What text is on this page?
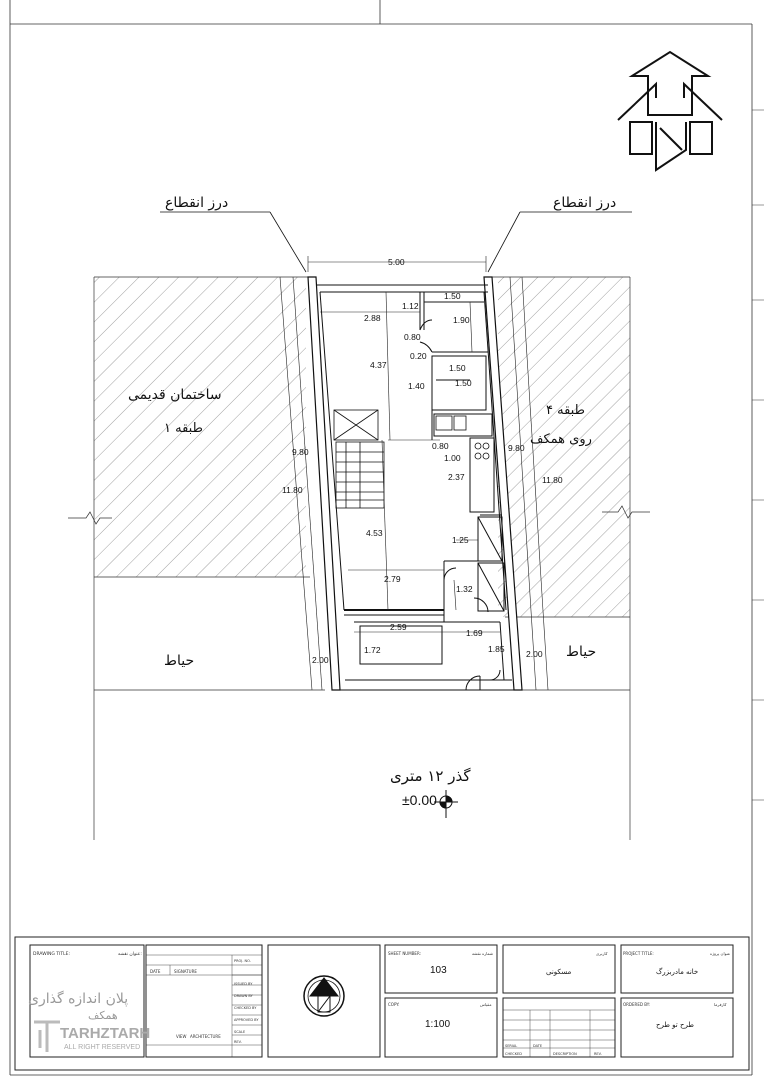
5.00
9.80
11.80
9.80
11.80
2.00
2.00
1.12
1.50
1.90
2.88
0.80
0.20
4.37	1.50
1.50
1.40
0.80
1.00
2.37
4.53
1.25
2.79
1.32
2.59
1.69
1.72	1.85
درز انقطاع	درز انقطاع
ساختمان قدیمی
۱ طبقه
۴ طبقه
روی همکف
حیاط
حیاط
گذر ۱۲ متری
±0.00
DRAWING TITLE:	عنوان نقشه:
پلان اندازه گذاری
همکف
TARHZTARH
ALL RIGHT RESERVED
DATE	SIGNATURE
PROJ. NO.
ISSUED BY
DRAWN BY
CHECKED BY
APPROVED BY
SCALE
REV.
ARCHITECTURE
VIEW
SHEET NUMBER:	شماره نقشه
103
کاربری
مسکونی
PROJECT TITLE:	عنوان پروژه
خانه مادربزرگ
COPY:	مقیاس
1:100
ORDERED BY:	کارفرما
طرح تو طرح
SERIAL
CHECKED
DATE
DESCRIPTION	REV.
